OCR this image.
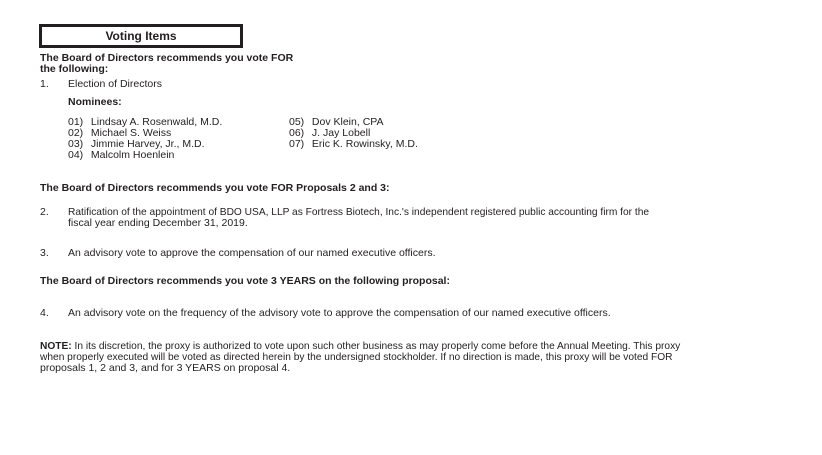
Voting Items
The Board of Directors recommends you vote FOR
the following:
1. Election of Directors
Nominees:
01) Lindsay A. Rosenwald, M.D.
02) Michael S. Weiss
03) Jimmie Harvey, Jr., M.D.
04) Malcolm Hoenlein
05) Dov Klein, CPA
06) J. Jay Lobell
07) Eric K. Rowinsky, M.D.
The Board of Directors recommends you vote FOR Proposals 2 and 3:
2. Ratification of the appointment of BDO USA, LLP as Fortress Biotech, Inc.'s independent registered public accounting firm for the
fiscal year ending December 31, 2019.
3. An advisory vote to approve the compensation of our named executive officers.
The Board of Directors recommends you vote 3 YEARS on the following proposal:
4. An advisory vote on the frequency of the advisory vote to approve the compensation of our named executive officers.
NOTE: In its discretion, the proxy is authorized to vote upon such other business as may properly come before the Annual Meeting. This proxy
when properly executed will be voted as directed herein by the undersigned stockholder. If no direction is made, this proxy will be voted FOR
proposals 1, 2 and 3, and for 3 YEARS on proposal 4.
